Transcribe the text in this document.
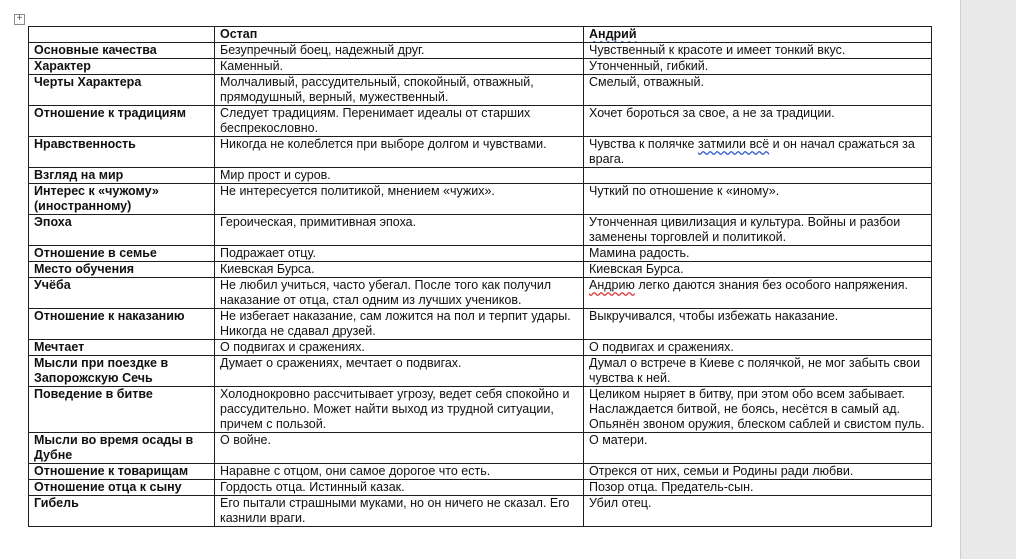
+
	Остап	Андрий
Основные качества	Безупречный боец, надежный друг.	Чувственный к красоте и имеет тонкий вкус.
Характер	Каменный.	Утонченный, гибкий.
Черты Характера	Молчаливый, рассудительный, спокойный, отважный, прямодушный, верный, мужественный.	Смелый, отважный.
Отношение к традициям	Следует традициям. Перенимает идеалы от старших беспрекословно.	Хочет бороться за свое, а не за традиции.
Нравственность	Никогда не колеблется при выборе долгом и чувствами.	Чувства к полячке затмили всё и он начал сражаться за врага.
Взгляд на мир	Мир прост и суров.	
Интерес к «чужому» (иностранному)	Не интересуется политикой, мнением «чужих».	Чуткий по отношение к «иному».
Эпоха	Героическая, примитивная эпоха.	Утонченная цивилизация и культура. Войны и разбои заменены торговлей и политикой.
Отношение в семье	Подражает отцу.	Мамина радость.
Место обучения	Киевская Бурса.	Киевская Бурса.
Учёба	Не любил учиться, часто убегал. После того как получил наказание от отца, стал одним из лучших учеников.	Андрию легко даются знания без особого напряжения.
Отношение к наказанию	Не избегает наказание, сам ложится на пол и терпит удары. Никогда не сдавал друзей.	Выкручивался, чтобы избежать наказание.
Мечтает	О подвигах и сражениях.	О подвигах и сражениях.
Мысли при поездке в Запорожскую Сечь	Думает о сражениях, мечтает о подвигах.	Думал о встрече в Киеве с полячкой, не мог забыть свои чувства к ней.
Поведение в битве	Холоднокровно рассчитывает угрозу, ведет себя спокойно и рассудительно. Может найти выход из трудной ситуации, причем с пользой.	Целиком ныряет в битву, при этом обо всем забывает. Наслаждается битвой, не боясь, несётся в самый ад. Опьянён звоном оружия, блеском саблей и свистом пуль.
Мысли во время осады в Дубне	О войне.	О матери.
Отношение к товарищам	Наравне с отцом, они самое дорогое что есть.	Отрекся от них, семьи и Родины ради любви.
Отношение отца к сыну	Гордость отца. Истинный казак.	Позор отца. Предатель-сын.
Гибель	Его пытали страшными муками, но он ничего не сказал. Его казнили враги.	Убил отец.
